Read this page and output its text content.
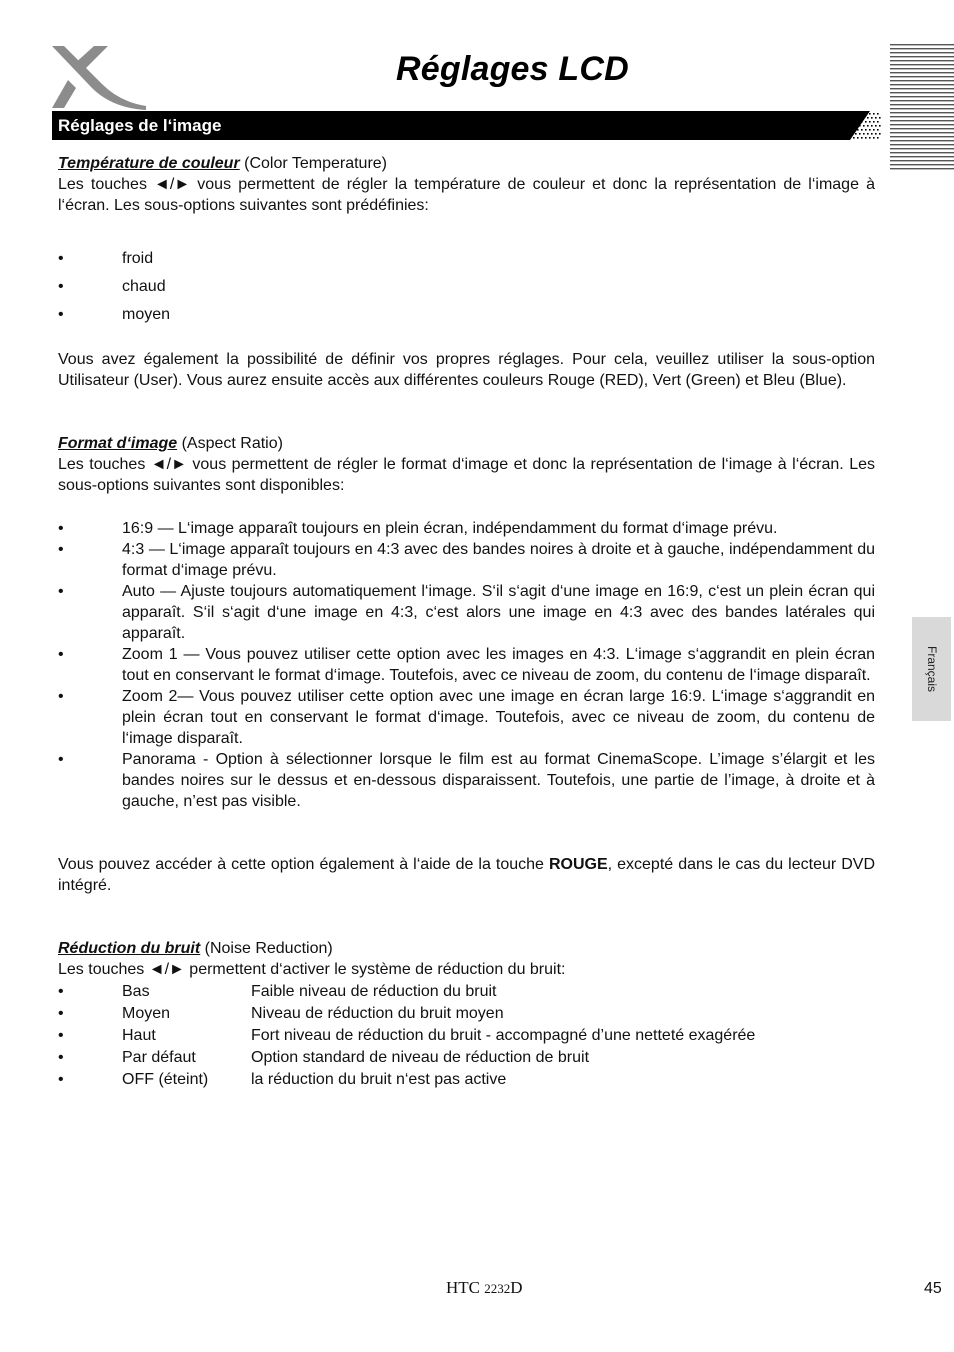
Réglages LCD
Réglages de l‘image
Température de couleur (Color Temperature)

Les touches ◄/► vous permettent de régler la température de couleur et donc la représentation de l‘image à l‘écran. Les sous-options suivantes sont prédéfinies:

•	froid
•	chaud
•	moyen

Vous avez également la possibilité de définir vos propres réglages. Pour cela, veuillez utiliser la sous-option Utilisateur (User). Vous aurez ensuite accès aux différentes couleurs Rouge (RED), Vert (Green) et Bleu (Blue).

Format d‘image (Aspect Ratio)

Les touches ◄/► vous permettent de régler le format d‘image et donc la représentation de l‘image à l‘écran. Les sous-options suivantes sont disponibles:

•	16:9 — L‘image apparaît toujours en plein écran, indépendamment du format d‘image prévu.
•	4:3 — L‘image apparaît toujours en 4:3 avec des bandes noires à droite et à gauche, indépendamment du format d‘image prévu.
•	Auto — Ajuste toujours automatiquement l‘image. S‘il s‘agit d‘une image en 16:9, c‘est un plein écran qui apparaît. S‘il s‘agit d‘une image en 4:3, c‘est alors une image en 4:3 avec des bandes latérales qui apparaît.
•	Zoom 1 — Vous pouvez utiliser cette option avec les images en 4:3. L‘image s‘aggrandit en plein écran tout en conservant le format d‘image. Toutefois, avec ce niveau de zoom, du contenu de l‘image disparaît.
•	Zoom 2— Vous pouvez utiliser cette option avec une image en écran large 16:9. L‘image s‘aggrandit en plein écran tout en conservant le format d‘image. Toutefois, avec ce niveau de zoom, du contenu de l‘image disparaît.
•	Panorama - Option à sélectionner lorsque le film est au format CinemaScope. L’image s’élargit et les bandes noires sur le dessus et en-dessous disparaissent. Toutefois, une partie de l’image, à droite et à gauche, n’est pas visible.

Vous pouvez accéder à cette option également à l‘aide de la touche ROUGE, excepté dans le cas du lecteur DVD intégré.

Réduction du bruit (Noise Reduction)

Les touches ◄/► permettent d‘activer le système de réduction du bruit:

•	Bas	Faible niveau de réduction du bruit
•	Moyen	Niveau de réduction du bruit moyen
•	Haut	Fort niveau de réduction du bruit - accompagné d’une netteté exagérée
•	Par défaut	Option standard de niveau de réduction de bruit
•	OFF (éteint)	la réduction du bruit n‘est pas active
Français
HTC 2232D	45
